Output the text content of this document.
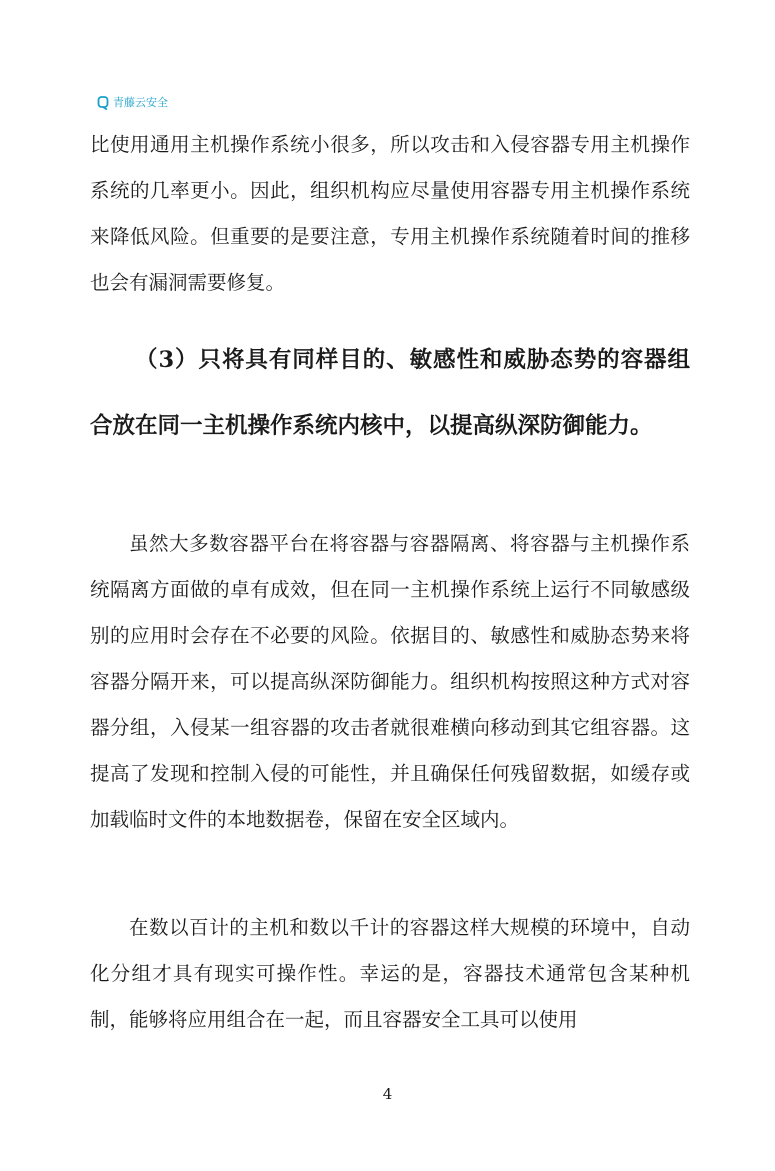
青藤云安全

比使用通用主机操作系统小很多，所以攻击和入侵容器专用主机操作系统的几率更小。因此，组织机构应尽量使用容器专用主机操作系统来降低风险。但重要的是要注意，专用主机操作系统随着时间的推移也会有漏洞需要修复。

（3）只将具有同样目的、敏感性和威胁态势的容器组合放在同一主机操作系统内核中，以提高纵深防御能力。

虽然大多数容器平台在将容器与容器隔离、将容器与主机操作系统隔离方面做的卓有成效，但在同一主机操作系统上运行不同敏感级别的应用时会存在不必要的风险。依据目的、敏感性和威胁态势来将容器分隔开来，可以提高纵深防御能力。组织机构按照这种方式对容器分组，入侵某一组容器的攻击者就很难横向移动到其它组容器。这提高了发现和控制入侵的可能性，并且确保任何残留数据，如缓存或加载临时文件的本地数据卷，保留在安全区域内。

在数以百计的主机和数以千计的容器这样大规模的环境中，自动化分组才具有现实可操作性。幸运的是，容器技术通常包含某种机制，能够将应用组合在一起，而且容器安全工具可以使用

4
